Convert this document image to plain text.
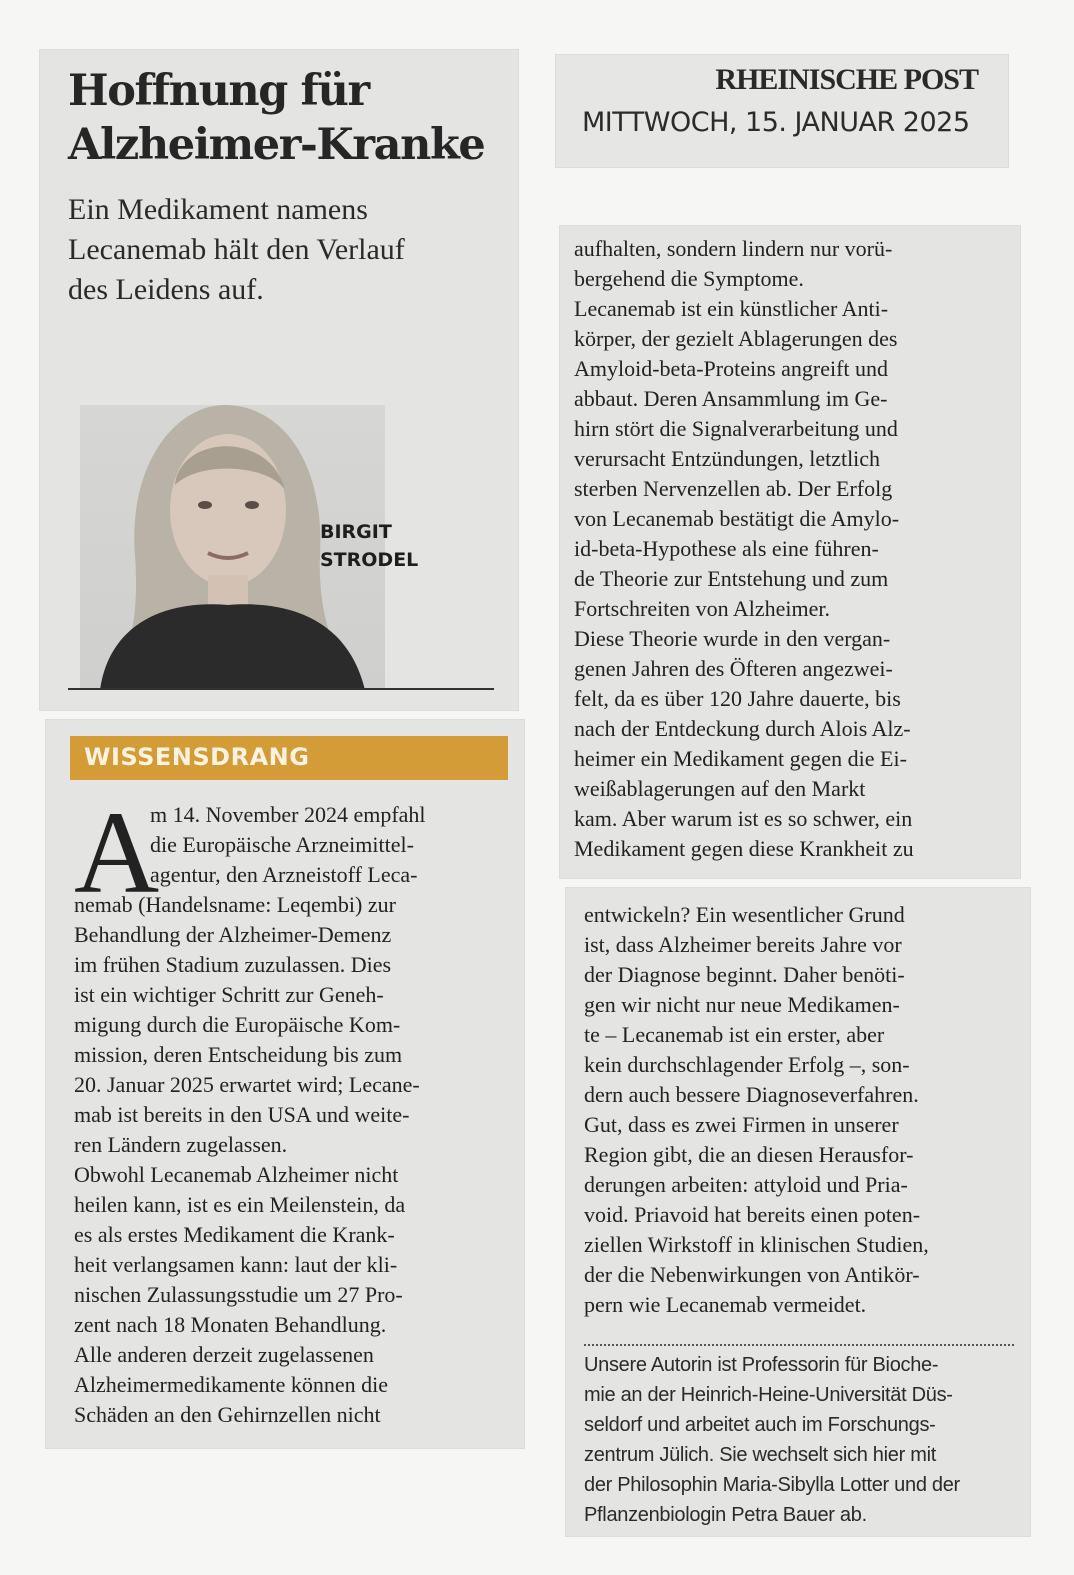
Hoffnung für
Alzheimer-Kranke

Ein Medikament namens
Lecanemab hält den Verlauf
des Leidens auf.

BIRGIT
STRODEL

RHEINISCHE POST

MITTWOCH, 15. JANUAR 2025

WISSENSDRANG

A

m 14. November 2024 empfahl

die Europäische Arzneimittel-

agentur, den Arzneistoff Leca-

nemab (Handelsname: Leqembi) zur

Behandlung der Alzheimer-Demenz

im frühen Stadium zuzulassen. Dies

ist ein wichtiger Schritt zur Geneh-

migung durch die Europäische Kom-

mission, deren Entscheidung bis zum

20. Januar 2025 erwartet wird; Lecane-

mab ist bereits in den USA und weite-

ren Ländern zugelassen.

Obwohl Lecanemab Alzheimer nicht

heilen kann, ist es ein Meilenstein, da

es als erstes Medikament die Krank-

heit verlangsamen kann: laut der kli-

nischen Zulassungsstudie um 27 Pro-

zent nach 18 Monaten Behandlung.

Alle anderen derzeit zugelassenen

Alzheimermedikamente können die

Schäden an den Gehirnzellen nicht

aufhalten, sondern lindern nur vorü-

bergehend die Symptome.

Lecanemab ist ein künstlicher Anti-

körper, der gezielt Ablagerungen des

Amyloid-beta-Proteins angreift und

abbaut. Deren Ansammlung im Ge-

hirn stört die Signalverarbeitung und

verursacht Entzündungen, letztlich

sterben Nervenzellen ab. Der Erfolg

von Lecanemab bestätigt die Amylo-

id-beta-Hypothese als eine führen-

de Theorie zur Entstehung und zum

Fortschreiten von Alzheimer.

Diese Theorie wurde in den vergan-

genen Jahren des Öfteren angezwei-

felt, da es über 120 Jahre dauerte, bis

nach der Entdeckung durch Alois Alz-

heimer ein Medikament gegen die Ei-

weißablagerungen auf den Markt

kam. Aber warum ist es so schwer, ein

Medikament gegen diese Krankheit zu

entwickeln? Ein wesentlicher Grund

ist, dass Alzheimer bereits Jahre vor

der Diagnose beginnt. Daher benöti-

gen wir nicht nur neue Medikamen-

te – Lecanemab ist ein erster, aber

kein durchschlagender Erfolg –, son-

dern auch bessere Diagnoseverfahren.

Gut, dass es zwei Firmen in unserer

Region gibt, die an diesen Herausfor-

derungen arbeiten: attyloid und Pria-

void. Priavoid hat bereits einen poten-

ziellen Wirkstoff in klinischen Studien,

der die Nebenwirkungen von Antikör-

pern wie Lecanemab vermeidet.

Unsere Autorin ist Professorin für Bioche-
mie an der Heinrich-Heine-Universität Düs-
seldorf und arbeitet auch im Forschungs-
zentrum Jülich. Sie wechselt sich hier mit
der Philosophin Maria-Sibylla Lotter und der
Pflanzenbiologin Petra Bauer ab.
